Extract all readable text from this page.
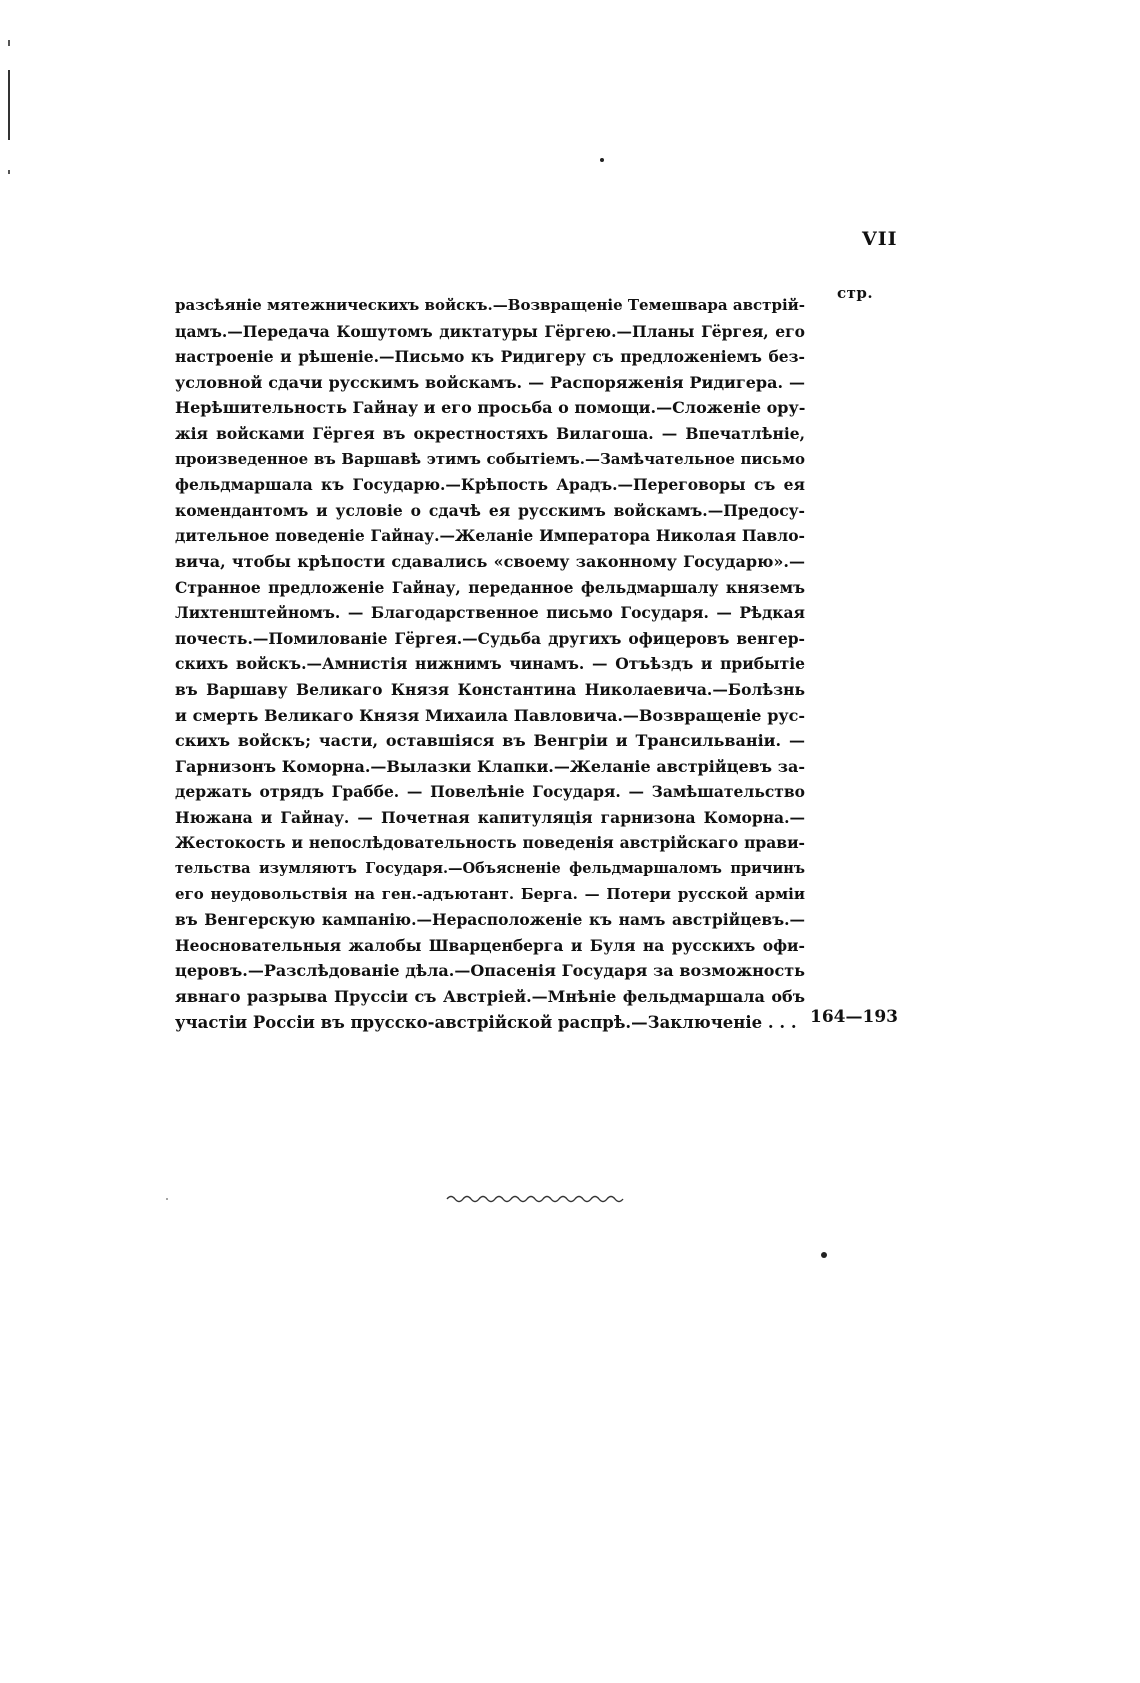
VII
стр.
разсѣяніе мятежническихъ войскъ.—Возвращеніе Темешвара австрій-
цамъ.—Передача Кошутомъ диктатуры Гёргею.—Планы Гёргея, его
настроеніе и рѣшеніе.—Письмо къ Ридигеру съ предложеніемъ без-
условной сдачи русскимъ войскамъ. — Распоряженія Ридигера. —
Нерѣшительность Гайнау и его просьба о помощи.—Сложеніе ору-
жія войсками Гёргея въ окрестностяхъ Вилагоша. — Впечатлѣніе,
произведенное въ Варшавѣ этимъ событіемъ.—Замѣчательное письмо
фельдмаршала къ Государю.—Крѣпость Арадъ.—Переговоры съ ея
комендантомъ и условіе о сдачѣ ея русскимъ войскамъ.—Предосу-
дительное поведеніе Гайнау.—Желаніе Императора Николая Павло-
вича, чтобы крѣпости сдавались «своему законному Государю».—
Странное предложеніе Гайнау, переданное фельдмаршалу княземъ
Лихтенштейномъ. — Благодарственное письмо Государя. — Рѣдкая
почесть.—Помилованіе Гёргея.—Судьба другихъ офицеровъ венгер-
скихъ войскъ.—Амнистія нижнимъ чинамъ. — Отъѣздъ и прибытіе
въ Варшаву Великаго Князя Константина Николаевича.—Болѣзнь
и смерть Великаго Князя Михаила Павловича.—Возвращеніе рус-
скихъ войскъ; части, оставшіяся въ Венгріи и Трансильваніи. —
Гарнизонъ Коморна.—Вылазки Клапки.—Желаніе австрійцевъ за-
держать отрядъ Граббе. — Повелѣніе Государя. — Замѣшательство
Нюжана и Гайнау. — Почетная капитуляція гарнизона Коморна.—
Жестокость и непослѣдовательность поведенія австрійскаго прави-
тельства изумляютъ Государя.—Объясненіе фельдмаршаломъ причинъ
его неудовольствія на ген.-адъютант. Берга. — Потери русской арміи
въ Венгерскую кампанію.—Нерасположеніе къ намъ австрійцевъ.—
Неосновательныя жалобы Шварценберга и Буля на русскихъ офи-
церовъ.—Разслѣдованіе дѣла.—Опасенія Государя за возможность
явнаго разрыва Пруссіи съ Австріей.—Мнѣніе фельдмаршала объ
участіи Россіи въ прусско-австрійской распрѣ.—Заключеніе . . . 164—193
